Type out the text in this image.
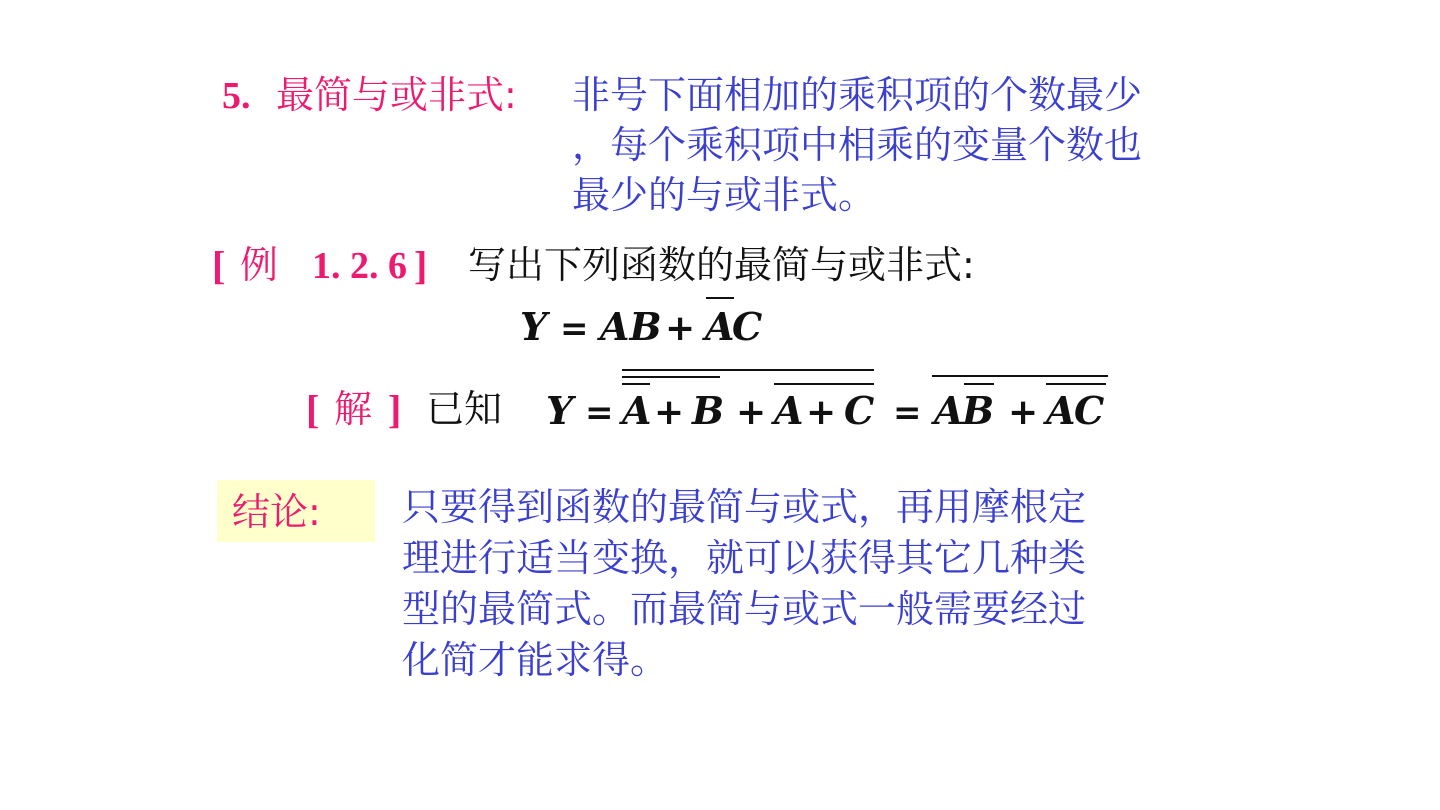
5. 最简与或非式: 非号下面相加的乘积项的个数最少
，每个乘积项中相乘的变量个数也
最少的与或非式。
[ 例 1. 2. 6 ] 写出下列函数的最简与或非式:
Y = AB + A
C
[ 解 ] 已知 Y = A + B + A + C = A
B + A
C
结论: 只要得到函数的最简与或式，再用摩根定
理进行适当变换，就可以获得其它几种类
型的最简式。而最简与或式一般需要经过
化简才能求得。
